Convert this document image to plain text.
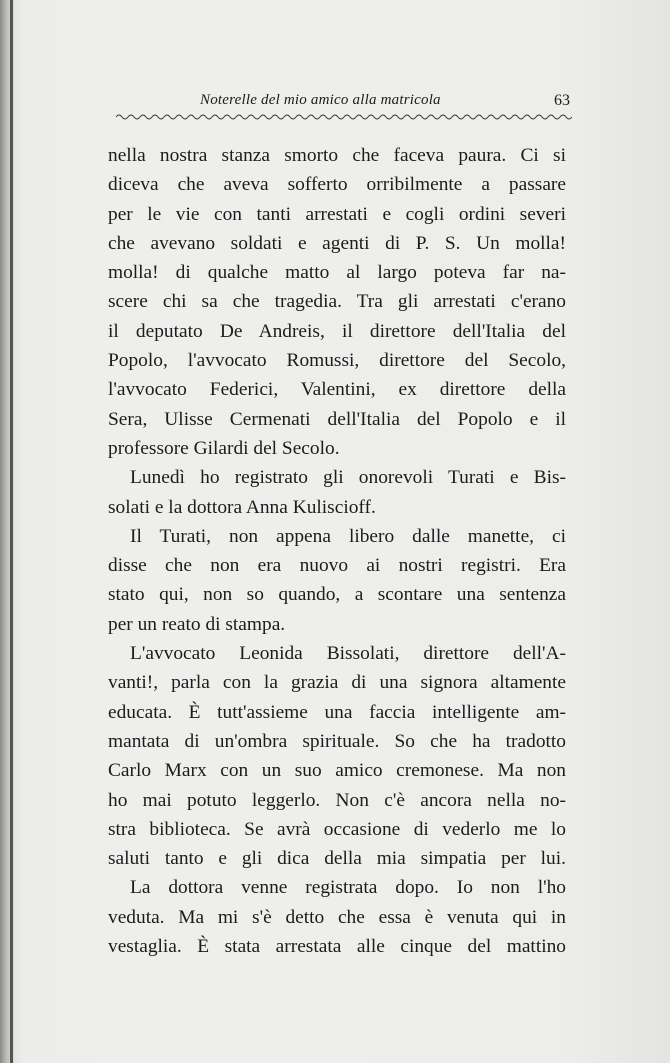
Noterelle del mio amico alla matricola	63
nella nostra stanza smorto che faceva paura. Ci si
diceva che aveva sofferto orribilmente a passare
per le vie con tanti arrestati e cogli ordini severi
che avevano soldati e agenti di P. S. Un molla!
molla! di qualche matto al largo poteva far na-
scere chi sa che tragedia. Tra gli arrestati c'erano
il deputato De Andreis, il direttore dell'Italia del
Popolo, l'avvocato Romussi, direttore del Secolo,
l'avvocato Federici, Valentini, ex direttore della
Sera, Ulisse Cermenati dell'Italia del Popolo e il
professore Gilardi del Secolo.
Lunedì ho registrato gli onorevoli Turati e Bis-
solati e la dottora Anna Kuliscioff.
Il Turati, non appena libero dalle manette, ci
disse che non era nuovo ai nostri registri. Era
stato qui, non so quando, a scontare una sentenza
per un reato di stampa.
L'avvocato Leonida Bissolati, direttore dell'A-
vanti!, parla con la grazia di una signora altamente
educata. È tutt'assieme una faccia intelligente am-
mantata di un'ombra spirituale. So che ha tradotto
Carlo Marx con un suo amico cremonese. Ma non
ho mai potuto leggerlo. Non c'è ancora nella no-
stra biblioteca. Se avrà occasione di vederlo me lo
saluti tanto e gli dica della mia simpatia per lui.
La dottora venne registrata dopo. Io non l'ho
veduta. Ma mi s'è detto che essa è venuta qui in
vestaglia. È stata arrestata alle cinque del mattino
